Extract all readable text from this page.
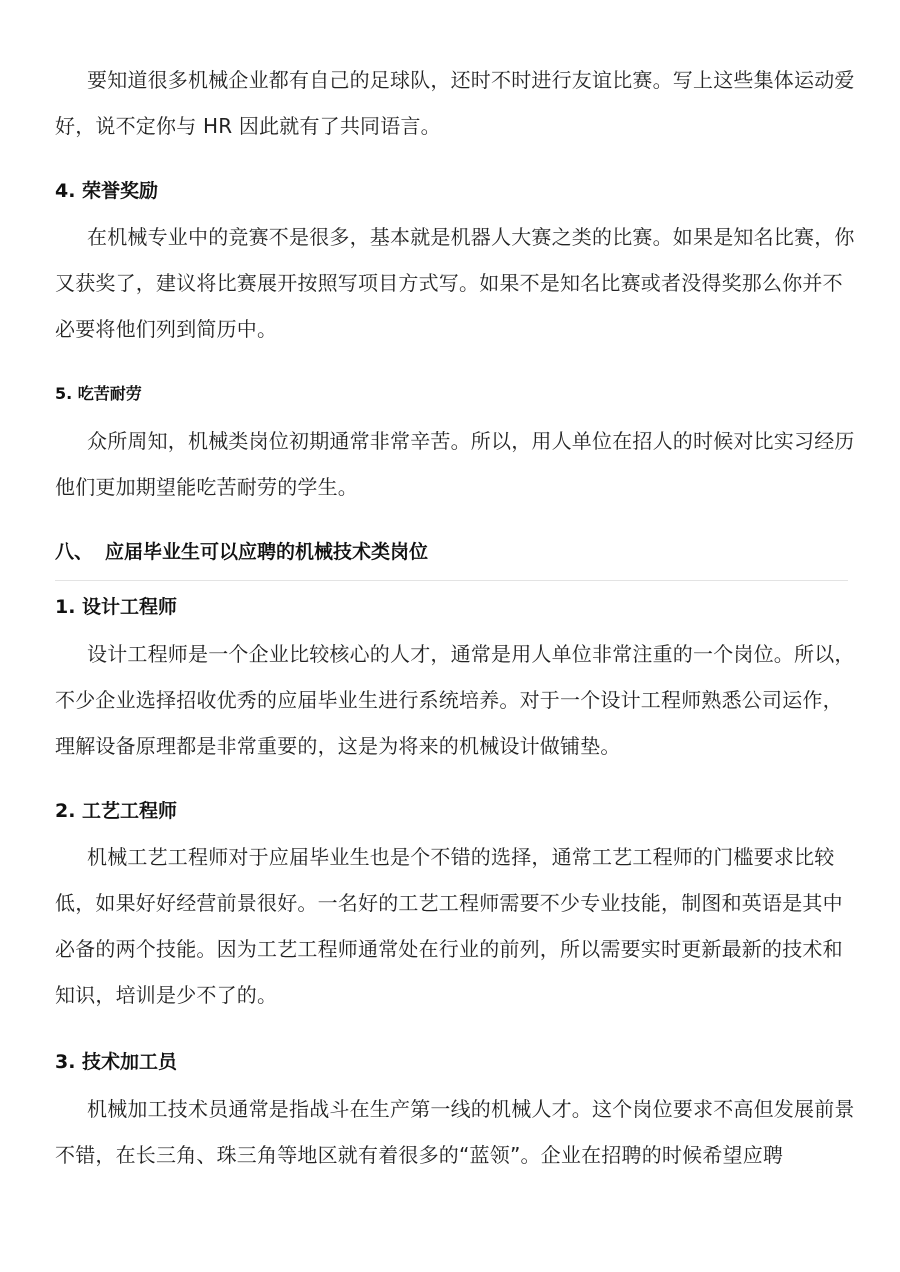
要知道很多机械企业都有自己的足球队，还时不时进行友谊比赛。写上这些集体运动爱好，说不定你与 HR 因此就有了共同语言。

4. 荣誉奖励

在机械专业中的竞赛不是很多，基本就是机器人大赛之类的比赛。如果是知名比赛，你又获奖了，建议将比赛展开按照写项目方式写。如果不是知名比赛或者没得奖那么你并不必要将他们列到简历中。

5. 吃苦耐劳

众所周知，机械类岗位初期通常非常辛苦。所以，用人单位在招人的时候对比实习经历他们更加期望能吃苦耐劳的学生。

八、 应届毕业生可以应聘的机械技术类岗位
1. 设计工程师

设计工程师是一个企业比较核心的人才，通常是用人单位非常注重的一个岗位。所以，不少企业选择招收优秀的应届毕业生进行系统培养。对于一个设计工程师熟悉公司运作，理解设备原理都是非常重要的，这是为将来的机械设计做铺垫。

2. 工艺工程师

机械工艺工程师对于应届毕业生也是个不错的选择，通常工艺工程师的门槛要求比较低，如果好好经营前景很好。一名好的工艺工程师需要不少专业技能，制图和英语是其中必备的两个技能。因为工艺工程师通常处在行业的前列，所以需要实时更新最新的技术和知识，培训是少不了的。

3. 技术加工员

机械加工技术员通常是指战斗在生产第一线的机械人才。这个岗位要求不高但发展前景不错，在长三角、珠三角等地区就有着很多的“蓝领”。企业在招聘的时候希望应聘
